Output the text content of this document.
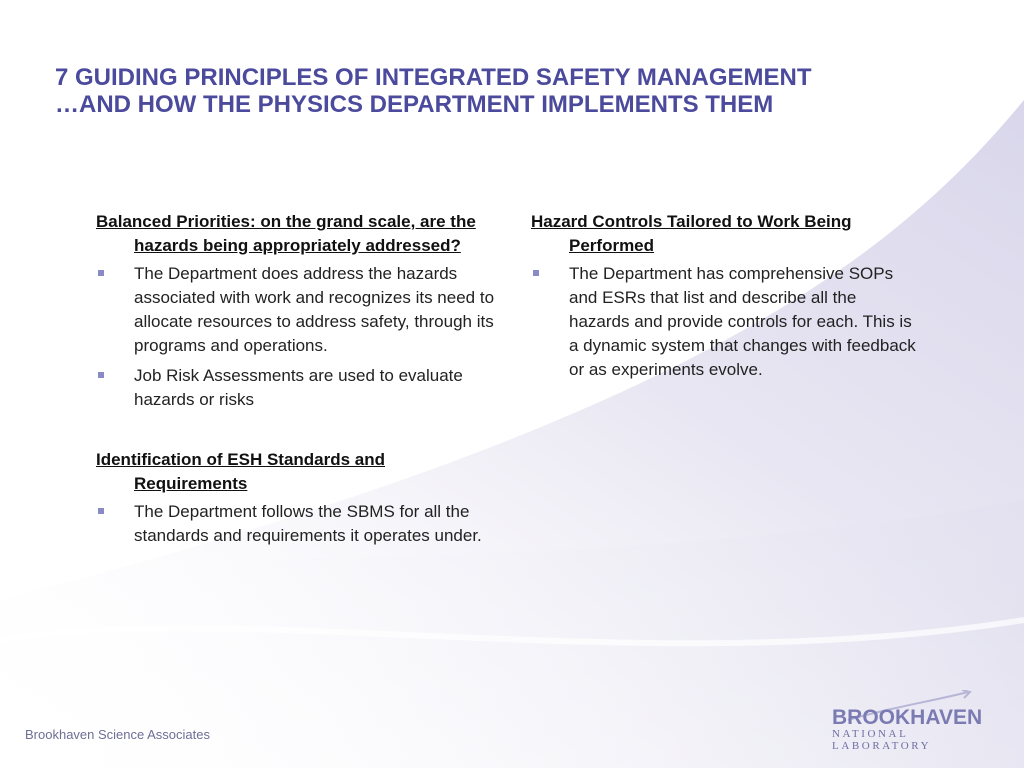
7 GUIDING PRINCIPLES OF INTEGRATED SAFETY MANAGEMENT
…AND HOW THE PHYSICS DEPARTMENT IMPLEMENTS THEM
Balanced Priorities: on the grand scale, are the hazards being appropriately addressed?
The Department does address the hazards associated with work and recognizes its need to allocate resources to address safety, through its programs and operations.
Job Risk Assessments are used to evaluate hazards or risks
Identification of ESH Standards and Requirements
The Department follows the SBMS for all the standards and requirements it operates under.
Hazard Controls Tailored to Work Being Performed
The Department has comprehensive SOPs and ESRs that list and describe all the hazards and provide controls for each. This is a dynamic system that changes with feedback or as experiments evolve.
Brookhaven Science Associates
BROOKHAVEN
NATIONAL LABORATORY
